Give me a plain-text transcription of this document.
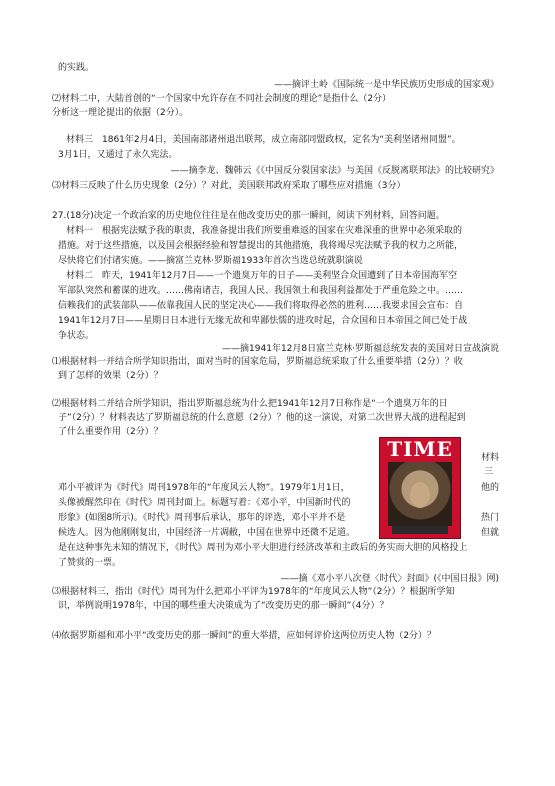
的实践。
——摘评土岭《国际统一是中华民族历史形成的国家观》
⑵材料二中，大陆首创的“一个国家中允许存在不同社会制度的理论”是指什么（2分）
分析这一理论提出的依据（2分）。
材料三　1861年2月4日，美国南部诸州退出联邦，成立南部同盟政权，定名为“美利坚诸州同盟”。
3月1日，又通过了永久宪法。
——摘李龙、魏韩云《《中国反分裂国家法》与美国《反脱离联邦法》的比较研究》
⑶材料三反映了什么历史现象（2分）？对此，美国联邦政府采取了哪些应对措施（3分）
27.(18分)决定一个政治家的历史地位往往是在他改变历史的那一瞬间，阅读下列材料，回答问题。
材料一　根据宪法赋予我的职责，我准备提出我们所要重难返的国家在灾难深重的世界中必须采取的
措施。对于这些措施，以及国会根据经验和智慧提出的其他措施，我将竭尽宪法赋予我的权力之所能，
尽快将它们付诸实施。——摘富兰克林·罗斯福1933年首次当选总统就职演说
材料二　昨天，1941年12月7日——一个遗臭万年的日子——美利坚合众国遭到了日本帝国海军空
军部队突然和蓄谋的进攻。……佛南诸吉，我国人民、我国领土和我国利益都处于严重危险之中。……
信赖我们的武装部队——依靠我国人民的坚定决心——我们将取得必然的胜利……我要求国会宣布：自
1941年12月7日——星期日日本进行无缘无故和卑鄙怯懦的进攻时起，合众国和日本帝国之间已处于战
争状态。
——摘1941年12月8日富兰克林·罗斯福总统发表的美国对日宣战演说
⑴根据材料一并结合所学知识指出，面对当时的国家危局，罗斯福总统采取了什么重要举措（2分）？收
到了怎样的效果（2分）？
⑵根据材料二并结合所学知识，指出罗斯福总统为什么把1941年12月7日称作是“一个遗臭万年的日
子”（2分）？材料表达了罗斯福总统的什么意愿（2分）？他的这一演说，对第二次世界大战的进程起到
了什么重要作用（2分）？
TIME	材料
三
邓小平被评为《时代》周刊1978年的“年度风云人物”。1979年1月1日，	他的
头像被醒然印在《时代》周刊封面上。标题写着：《邓小平，中国新时代的
形象》(如图8所示)。《时代》周刊事后承认，那年的评选，邓小平并不是	热门
候选人。因为他刚刚复出，中国经济一片凋敝，中国在世界中还微不足道。	但就
是在这种事先未知的情况下，《时代》周刊为邓小平大胆进行经济改革和主政后的务实而大胆的风格投上
了赞赏的一票。
——摘《邓小平八次登〈时代〉封面》(《中国日报》网)
⑶根据材料三，指出《时代》周刊为什么把邓小平评为1978年的“年度风云人物”（2分）？根据所学知
识，举例说明1978年，中国的哪些重大决策成为了“改变历史的那一瞬间”（4分）？
⑷依据罗斯福和邓小平“改变历史的那一瞬间”的重大举措，应如何评价这两位历史人物（2分）？
